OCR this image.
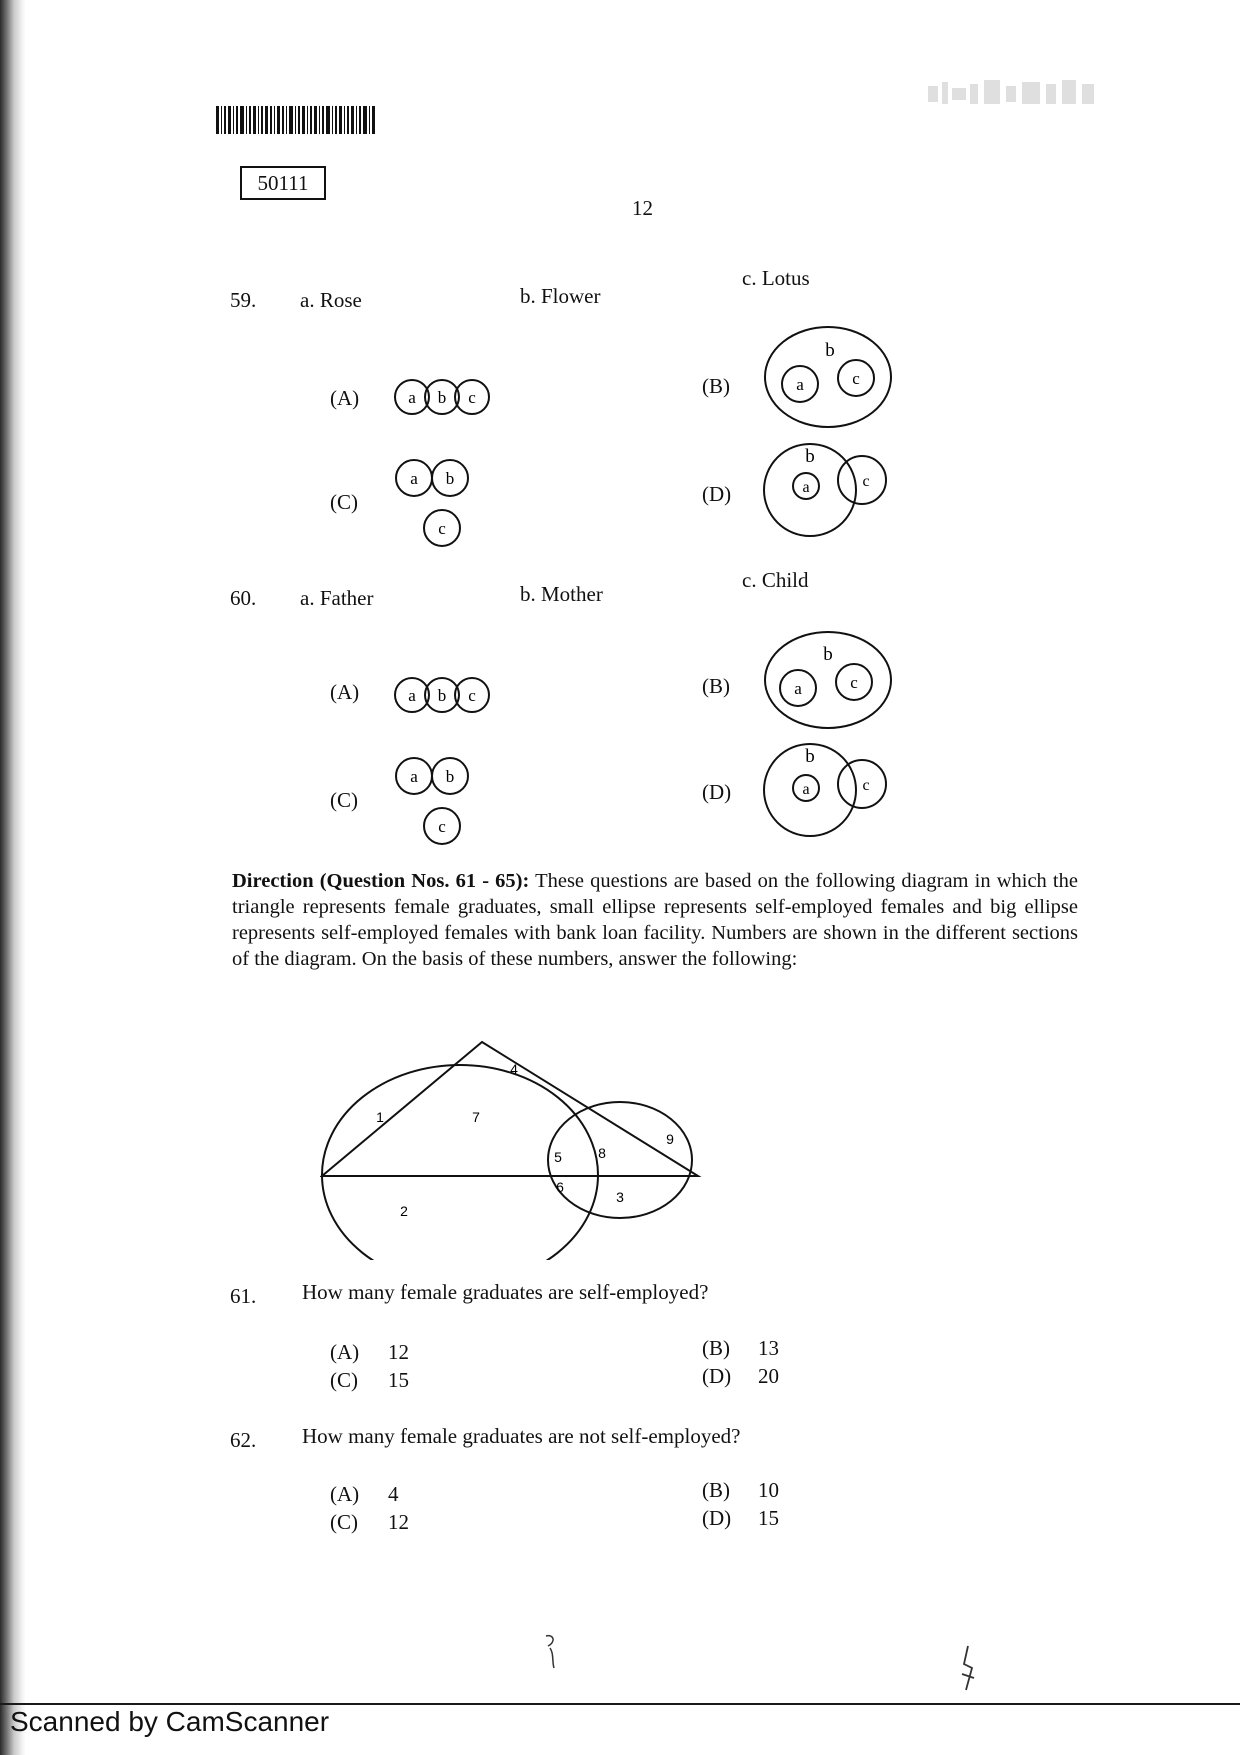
50111
12
59. a. Rose	b. Flower
c. Lotus
(A)	(B)
(C)	(D)
a b c
b
a	c
a b
c
b
a	c
60. a. Father	b. Mother
c. Child
(A)	(B)
(C)	(D)
a b c
b
a	c
a b
c
b
a	c
Direction (Question Nos. 61 - 65): These questions are based on the following diagram in which the triangle represents female graduates, small ellipse represents self-employed females and big ellipse represents self-employed females with bank loan facility. Numbers are shown in the different sections of the diagram. On the basis of these numbers, answer the following:
4
1	7
5	8
9
6
3
2
61. How many female graduates are self-employed?
(A) 12	(B) 13
(C) 15	(D) 20
62. How many female graduates are not self-employed?
(A) 4	(B) 10
(C) 12	(D) 15
Scanned by CamScanner
